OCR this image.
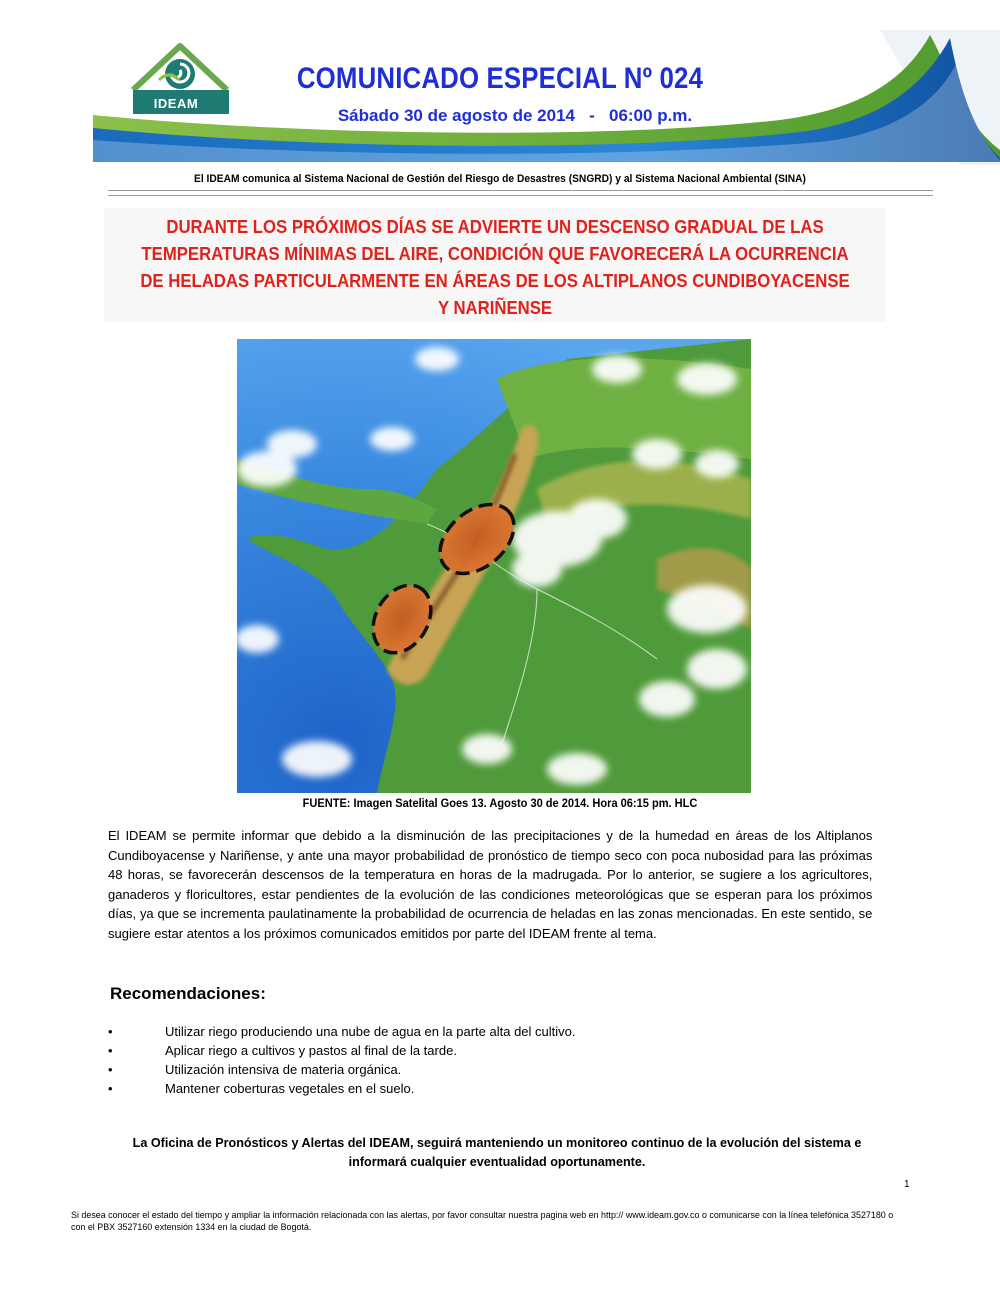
IDEAM
COMUNICADO ESPECIAL Nº 024
Sábado 30 de agosto de 2014   -   06:00 p.m.
El IDEAM comunica al Sistema Nacional de Gestión del Riesgo de Desastres (SNGRD) y al Sistema Nacional Ambiental (SINA)
DURANTE LOS PRÓXIMOS DÍAS SE ADVIERTE UN DESCENSO GRADUAL DE LAS TEMPERATURAS MÍNIMAS DEL AIRE, CONDICIÓN QUE FAVORECERÁ LA OCURRENCIA DE HELADAS PARTICULARMENTE EN ÁREAS DE LOS ALTIPLANOS CUNDIBOYACENSE Y NARIÑENSE
FUENTE: Imagen Satelital Goes 13. Agosto 30 de 2014. Hora 06:15 pm. HLC
El IDEAM se permite informar que debido a la disminución de las precipitaciones y de la humedad en áreas de los Altiplanos Cundiboyacense y Nariñense, y ante una mayor probabilidad de pronóstico de tiempo seco con poca nubosidad para las próximas 48 horas, se favorecerán descensos de la temperatura en horas de la madrugada. Por lo anterior, se sugiere a los agricultores, ganaderos y floricultores, estar pendientes de la evolución de las condiciones meteorológicas que se esperan para los próximos días, ya que se incrementa paulatinamente la probabilidad de ocurrencia de heladas en las zonas mencionadas. En este sentido, se sugiere estar atentos a los próximos comunicados emitidos por parte del IDEAM frente al tema.
Recomendaciones:
•	Utilizar riego produciendo una nube de agua en la parte alta del cultivo.
•	Aplicar riego a cultivos y pastos al final de la tarde.
•	Utilización intensiva de materia orgánica.
•	Mantener coberturas vegetales en el suelo.
La Oficina de Pronósticos y Alertas del IDEAM, seguirá manteniendo un monitoreo continuo de la evolución del sistema e informará cualquier eventualidad oportunamente.
1
Si desea conocer el estado del tiempo y ampliar la información relacionada con las alertas, por favor consultar nuestra pagina web en http:// www.ideam.gov.co o comunicarse con la línea telefónica 3527180 o con el PBX 3527160 extensión 1334 en la ciudad de Bogotá.
